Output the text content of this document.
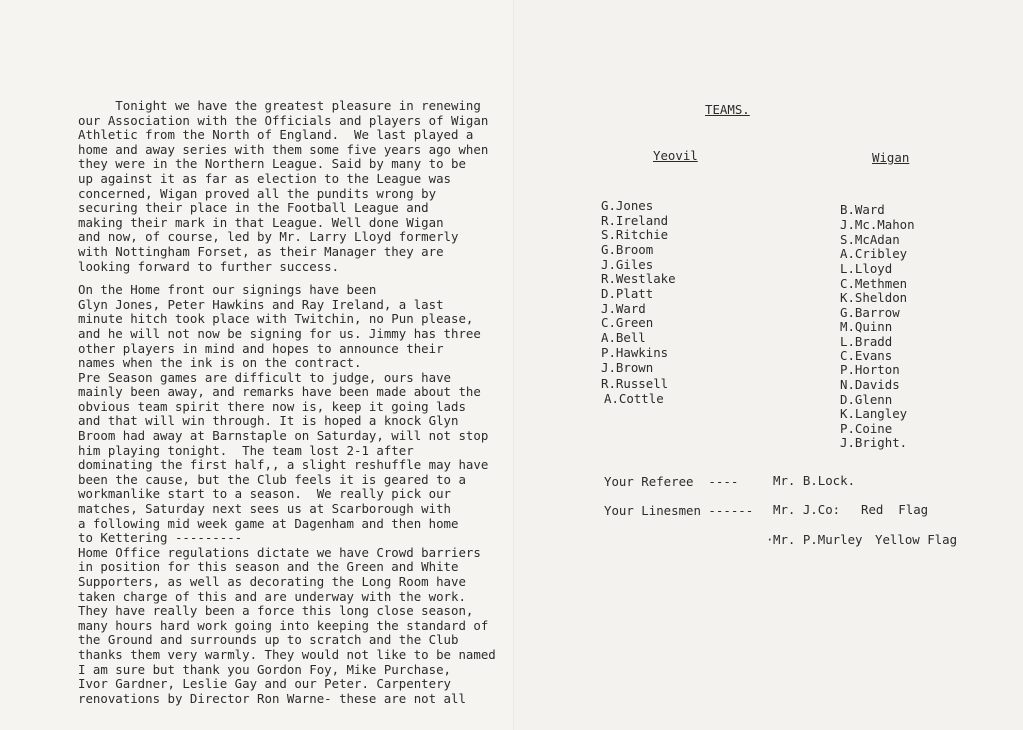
Tonight we have the greatest pleasure in renewing
our Association with the Officials and players of Wigan
Athletic from the North of England.  We last played a
home and away series with them some five years ago when
they were in the Northern League. Said by many to be
up against it as far as election to the League was
concerned, Wigan proved all the pundits wrong by
securing their place in the Football League and
making their mark in that League. Well done Wigan
and now, of course, led by Mr. Larry Lloyd formerly
with Nottingham Forset, as their Manager they are
looking forward to further success.
On the Home front our signings have been
Glyn Jones, Peter Hawkins and Ray Ireland, a last
minute hitch took place with Twitchin, no Pun please,
and he will not now be signing for us. Jimmy has three
other players in mind and hopes to announce their
names when the ink is on the contract.
Pre Season games are difficult to judge, ours have
mainly been away, and remarks have been made about the
obvious team spirit there now is, keep it going lads
and that will win through. It is hoped a knock Glyn
Broom had away at Barnstaple on Saturday, will not stop
him playing tonight.  The team lost 2-1 after
dominating the first half,, a slight reshuffle may have
been the cause, but the Club feels it is geared to a
workmanlike start to a season.  We really pick our
matches, Saturday next sees us at Scarborough with
a following mid week game at Dagenham and then home
to Kettering ---------
Home Office regulations dictate we have Crowd barriers
in position for this season and the Green and White
Supporters, as well as decorating the Long Room have
taken charge of this and are underway with the work.
They have really been a force this long close season,
many hours hard work going into keeping the standard of
the Ground and surrounds up to scratch and the Club
thanks them very warmly. They would not like to be named
I am sure but thank you Gordon Foy, Mike Purchase,
Ivor Gardner, Leslie Gay and our Peter. Carpentery
renovations by Director Ron Warne- these are not all
TEAMS.
Yeovil	Wigan
G.Jones
R.Ireland
S.Ritchie
G.Broom
J.Giles
R.Westlake
D.Platt
J.Ward
C.Green
A.Bell
P.Hawkins
J.Brown
R.Russell
A.Cottle
B.Ward
J.Mc.Mahon
S.McAdan
A.Cribley
L.Lloyd
C.Methmen
K.Sheldon
G.Barrow
M.Quinn
L.Bradd
C.Evans
P.Horton
N.Davids
D.Glenn
K.Langley
P.Coine
J.Bright.
Your Referee  ----	Mr. B.Lock.
Your Linesmen ------ Mr. J.Co: Red  Flag
· Mr. P.Murley Yellow Flag
